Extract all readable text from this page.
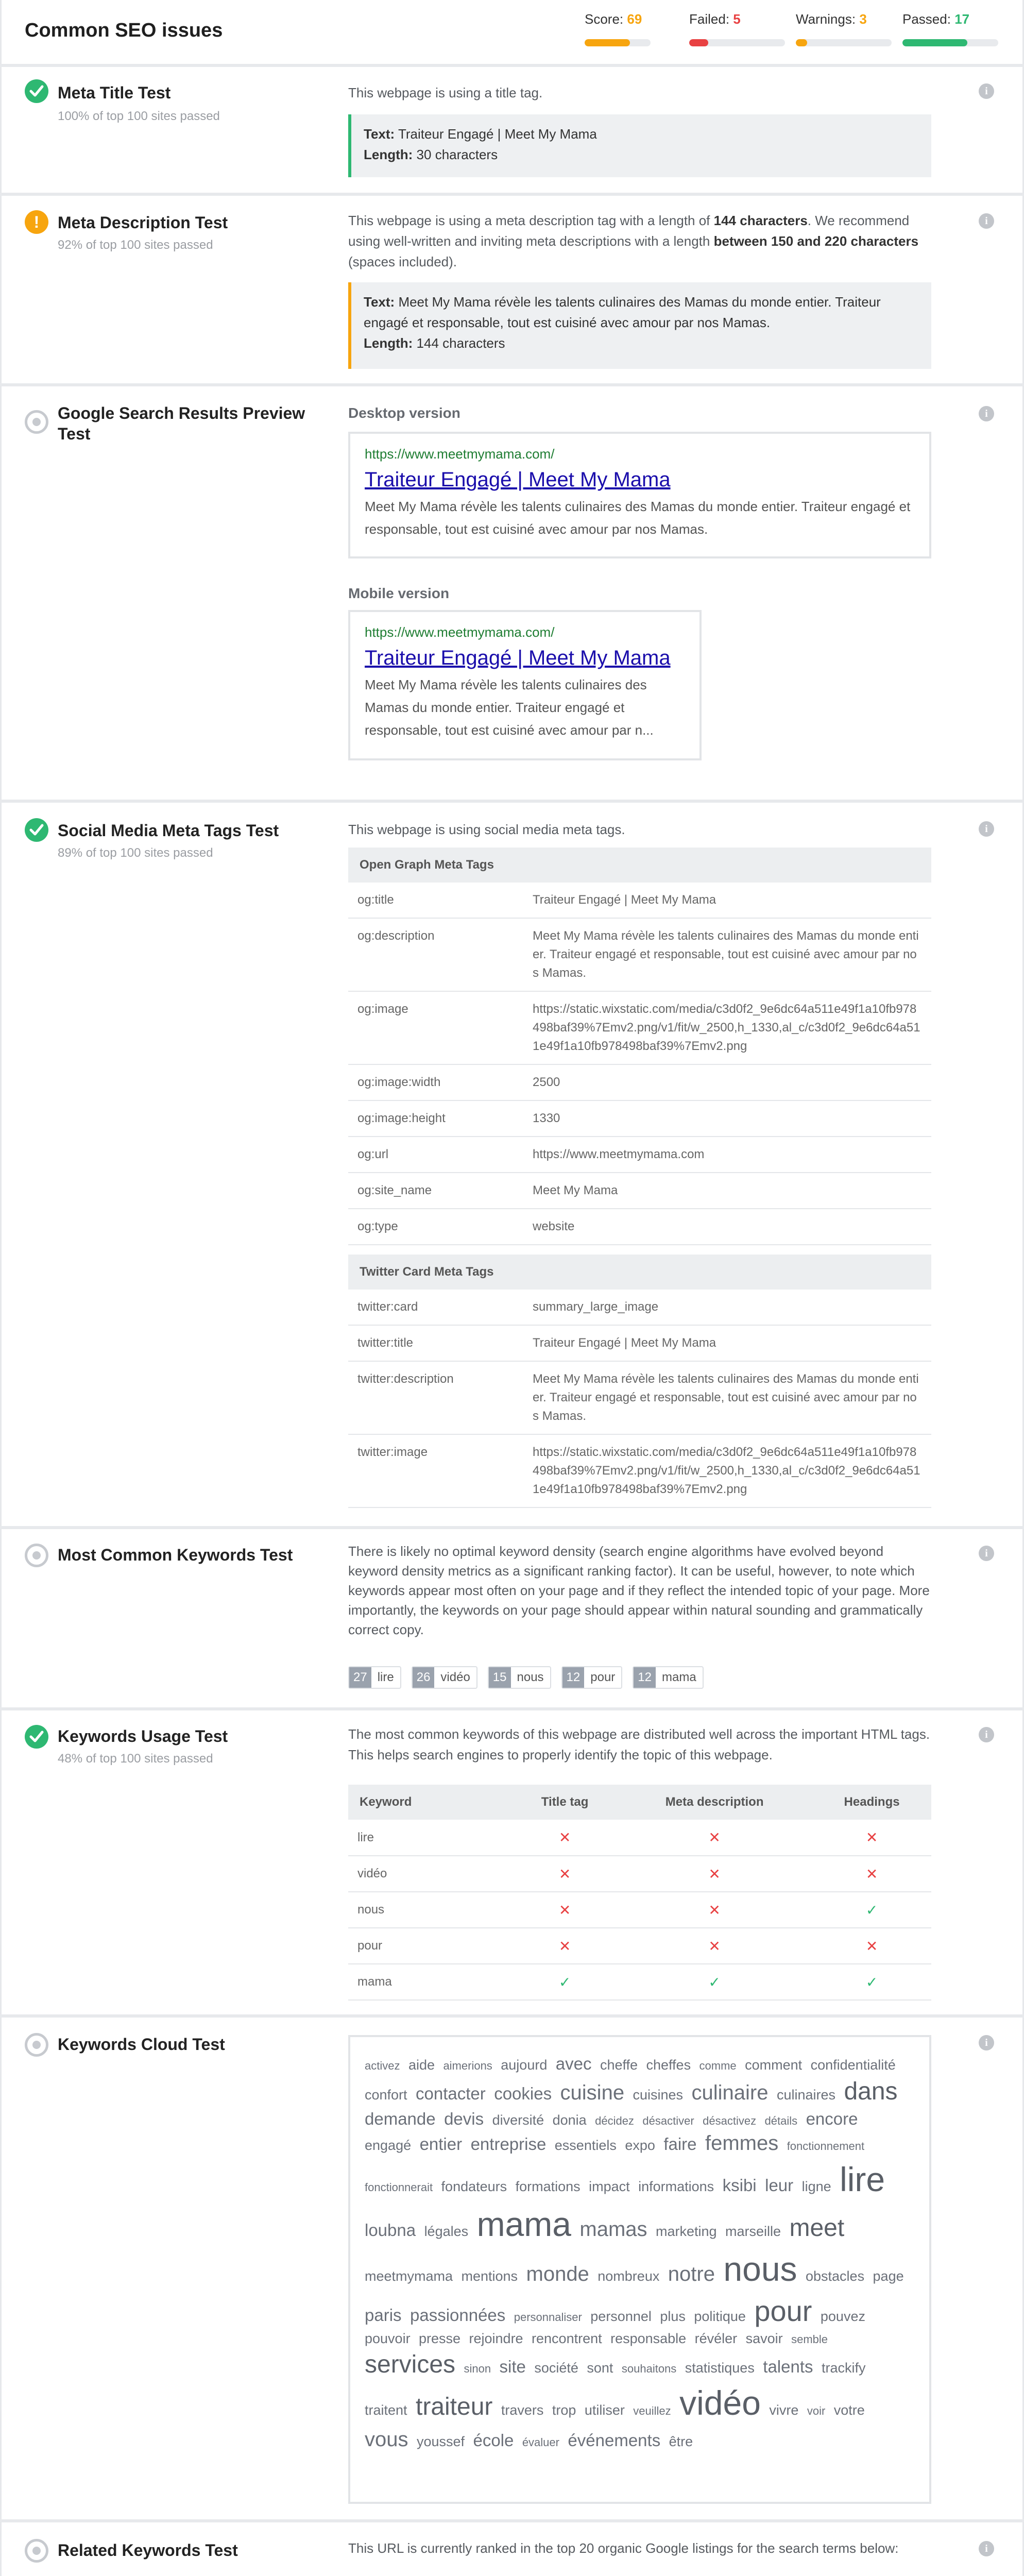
Common SEO issues
Score: 69	Failed: 5	Warnings: 3	Passed: 17
Meta Title Test
100% of top 100 sites passed
i
This webpage is using a title tag.
Text: Traiteur Engagé | Meet My Mama
Length: 30 characters
!	Meta Description Test
92% of top 100 sites passed
i
This webpage is using a meta description tag with a length of 144 characters. We recommend using well-written and inviting meta descriptions with a length between 150 and 220 characters (spaces included).
Text: Meet My Mama révèle les talents culinaires des Mamas du monde entier. Traiteur engagé et responsable, tout est cuisiné avec amour par nos Mamas.
Length: 144 characters
Google Search Results Preview Test
i
Desktop version
https://www.meetmymama.com/
Traiteur Engagé | Meet My Mama
Meet My Mama révèle les talents culinaires des Mamas du monde entier. Traiteur engagé et responsable, tout est cuisiné avec amour par nos Mamas.
Mobile version
https://www.meetmymama.com/
Traiteur Engagé | Meet My Mama
Meet My Mama révèle les talents culinaires des Mamas du monde entier. Traiteur engagé et responsable, tout est cuisiné avec amour par n...
Social Media Meta Tags Test
89% of top 100 sites passed
i
This webpage is using social media meta tags.
Open Graph Meta Tags	
og:title	Traiteur Engagé | Meet My Mama
og:description	Meet My Mama révèle les talents culinaires des Mamas du monde entier. Traiteur engagé et responsable, tout est cuisiné avec amour par nos Mamas.
og:image	https://static.wixstatic.com/media/c3d0f2_9e6dc64a511e49f1a10fb978498baf39%7Emv2.png/v1/fit/w_2500,h_1330,al_c/c3d0f2_9e6dc64a511e49f1a10fb978498baf39%7Emv2.png
og:image:width	2500
og:image:height	1330
og:url	https://www.meetmymama.com
og:site_name	Meet My Mama
og:type	website
Twitter Card Meta Tags	
twitter:card	summary_large_image
twitter:title	Traiteur Engagé | Meet My Mama
twitter:description	Meet My Mama révèle les talents culinaires des Mamas du monde entier. Traiteur engagé et responsable, tout est cuisiné avec amour par nos Mamas.
twitter:image	https://static.wixstatic.com/media/c3d0f2_9e6dc64a511e49f1a10fb978498baf39%7Emv2.png/v1/fit/w_2500,h_1330,al_c/c3d0f2_9e6dc64a511e49f1a10fb978498baf39%7Emv2.png
Most Common Keywords Test	i
There is likely no optimal keyword density (search engine algorithms have evolved beyond keyword density metrics as a significant ranking factor). It can be useful, however, to note which keywords appear most often on your page and if they reflect the intended topic of your page. More importantly, the keywords on your page should appear within natural sounding and grammatically correct copy.
27 lire	26 vidéo	15 nous	12 pour	12 mama
Keywords Usage Test
48% of top 100 sites passed
i
The most common keywords of this webpage are distributed well across the important HTML tags. This helps search engines to properly identify the topic of this webpage.
Keyword	Title tag	Meta description	Headings
lire	✕	✕	✕
vidéo	✕	✕	✕
nous	✕	✕	✓
pour	✕	✕	✕
mama	✓	✓	✓
Keywords Cloud Test	i
activez aide aimerions aujourd avec cheffe cheffes comme comment confidentialité confort contacter cookies cuisine cuisines culinaire culinaires dans demande devis diversité donia décidez désactiver désactivez détails encore engagé entier entreprise essentiels expo faire femmes fonctionnement fonctionnerait fondateurs formations impact informations ksibi leur ligne lire loubna légales mama mamas marketing marseille meet meetmymama mentions monde nombreux notre nous obstacles page paris passionnées personnaliser personnel plus politique pour pouvez pouvoir presse rejoindre rencontrent responsable révéler savoir semble services sinon site société sont souhaitons statistiques talents trackify traitent traiteur travers trop utiliser veuillez vidéo vivre voir votre vous youssef école évaluer événements être
Related Keywords Test	i
This URL is currently ranked in the top 20 organic Google listings for the search terms below:
